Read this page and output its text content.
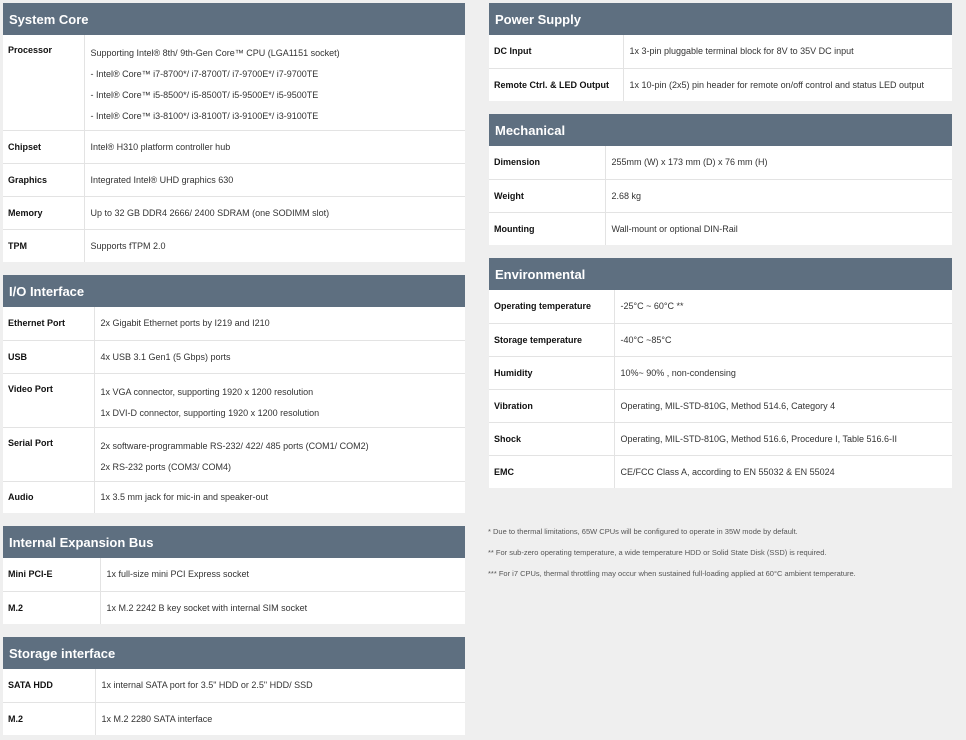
System Core
Processor	Supporting Intel® 8th/ 9th-Gen Core™ CPU (LGA1151 socket)
- Intel® Core™ i7-8700*/ i7-8700T/ i7-9700E*/ i7-9700TE
- Intel® Core™ i5-8500*/ i5-8500T/ i5-9500E*/ i5-9500TE
- Intel® Core™ i3-8100*/ i3-8100T/ i3-9100E*/ i3-9100TE

Chipset	Intel® H310 platform controller hub
Graphics	Integrated Intel® UHD graphics 630
Memory	Up to 32 GB DDR4 2666/ 2400 SDRAM (one SODIMM slot)
TPM	Supports fTPM 2.0
I/O Interface
Ethernet Port	2x Gigabit Ethernet ports by I219 and I210
USB	4x USB 3.1 Gen1 (5 Gbps) ports

Video Port	1x VGA connector, supporting 1920 x 1200 resolution
1x DVI-D connector, supporting 1920 x 1200 resolution

Serial Port	2x software-programmable RS-232/ 422/ 485 ports (COM1/ COM2)
2x RS-232 ports (COM3/ COM4)

Audio	1x 3.5 mm jack for mic-in and speaker-out
Internal Expansion Bus
Mini PCI-E	1x full-size mini PCI Express socket
M.2	1x M.2 2242 B key socket with internal SIM socket
Storage interface
SATA HDD	1x internal SATA port for 3.5" HDD or 2.5" HDD/ SSD
M.2	1x M.2 2280 SATA interface
Power Supply
DC Input	1x 3-pin pluggable terminal block for 8V to 35V DC input
Remote Ctrl. & LED Output	1x 10-pin (2x5) pin header for remote on/off control and status LED output
Mechanical
Dimension	255mm (W) x 173 mm (D) x 76 mm (H)
Weight	2.68 kg
Mounting	Wall-mount or optional DIN-Rail
Environmental
Operating temperature	-25°C ~ 60°C **
Storage temperature	-40°C ~85°C
Humidity	10%~ 90% , non-condensing
Vibration	Operating, MIL-STD-810G, Method 514.6, Category 4
Shock	Operating, MIL-STD-810G, Method 516.6, Procedure I, Table 516.6-II
EMC	CE/FCC Class A, according to EN 55032 & EN 55024
* Due to thermal limitations, 65W CPUs will be configured to operate in 35W mode by default.
** For sub-zero operating temperature, a wide temperature HDD or Solid State Disk (SSD) is required.
*** For i7 CPUs, thermal throttling may occur when sustained full-loading applied at 60°C ambient temperature.
